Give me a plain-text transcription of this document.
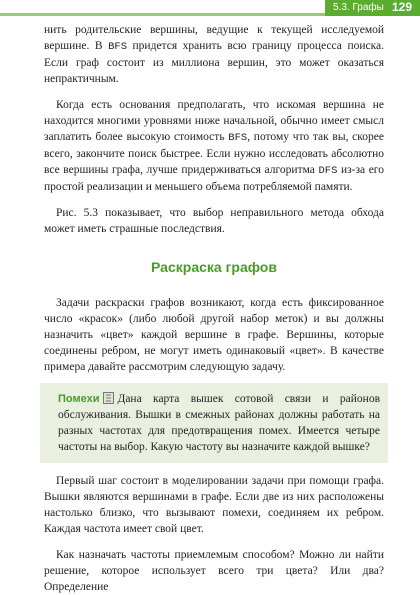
5.3. Графы 129

нить родительские вершины, ведущие к текущей исследуемой вершине. В BFS придется хранить всю границу процесса поиска. Если граф состоит из миллиона вершин, это может оказаться непрактичным.

Когда есть основания предполагать, что искомая вершина не находится многими уровнями ниже начальной, обычно имеет смысл заплатить более высокую стоимость BFS, потому что так вы, скорее всего, закончите поиск быстрее. Если нужно исследовать абсолютно все вершины графа, лучше придерживаться алгоритма DFS из-за его простой реализации и меньшего объема потребляемой памяти.

Рис. 5.3 показывает, что выбор неправильного метода обхода может иметь страшные последствия.

Раскраска графов

Задачи раскраски графов возникают, когда есть фиксированное число «красок» (либо любой другой набор меток) и вы должны назначить «цвет» каждой вершине в графе. Вершины, которые соединены ребром, не могут иметь одинаковый «цвет». В качестве примера давайте рассмотрим следующую задачу.

Помехи Дана карта вышек сотовой связи и районов обслуживания. Вышки в смежных районах должны работать на разных частотах для предотвращения помех. Имеется четыре частоты на выбор. Какую частоту вы назначите каждой вышке?

Первый шаг состоит в моделировании задачи при помощи графа. Вышки являются вершинами в графе. Если две из них расположены настолько близко, что вызывают помехи, соединяем их ребром. Каждая частота имеет свой цвет.

Как назначать частоты приемлемым способом? Можно ли найти решение, которое использует всего три цвета? Или два? Определение
